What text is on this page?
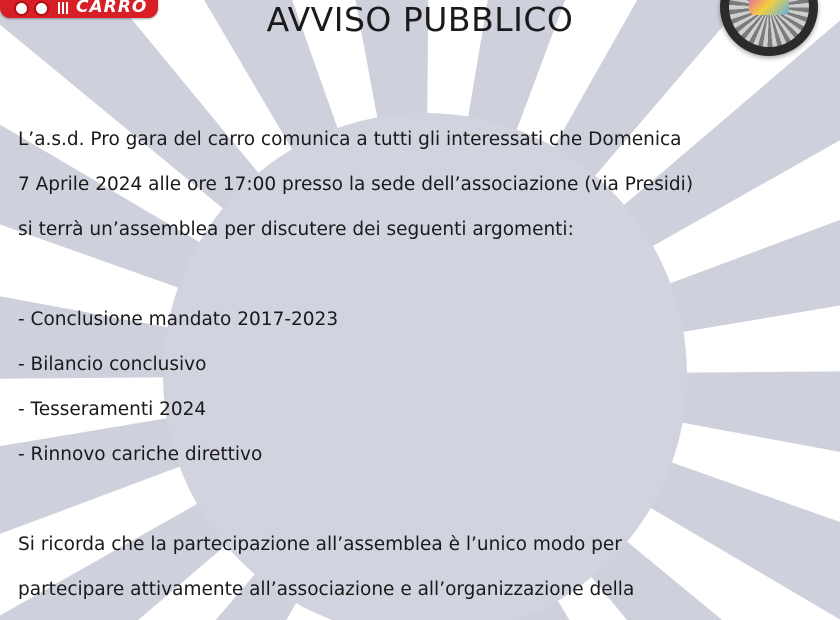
CARRO	AVVISO PUBBLICO

L’a.s.d. Pro gara del carro comunica a tutti gli interessati che Domenica

7 Aprile 2024 alle ore 17:00 presso la sede dell’associazione (via Presidi)

si terrà un’assemblea per discutere dei seguenti argomenti:

- Conclusione mandato 2017-2023

- Bilancio conclusivo

- Tesseramenti 2024

- Rinnovo cariche direttivo

Si ricorda che la partecipazione all’assemblea è l’unico modo per

partecipare attivamente all’associazione e all’organizzazione della
